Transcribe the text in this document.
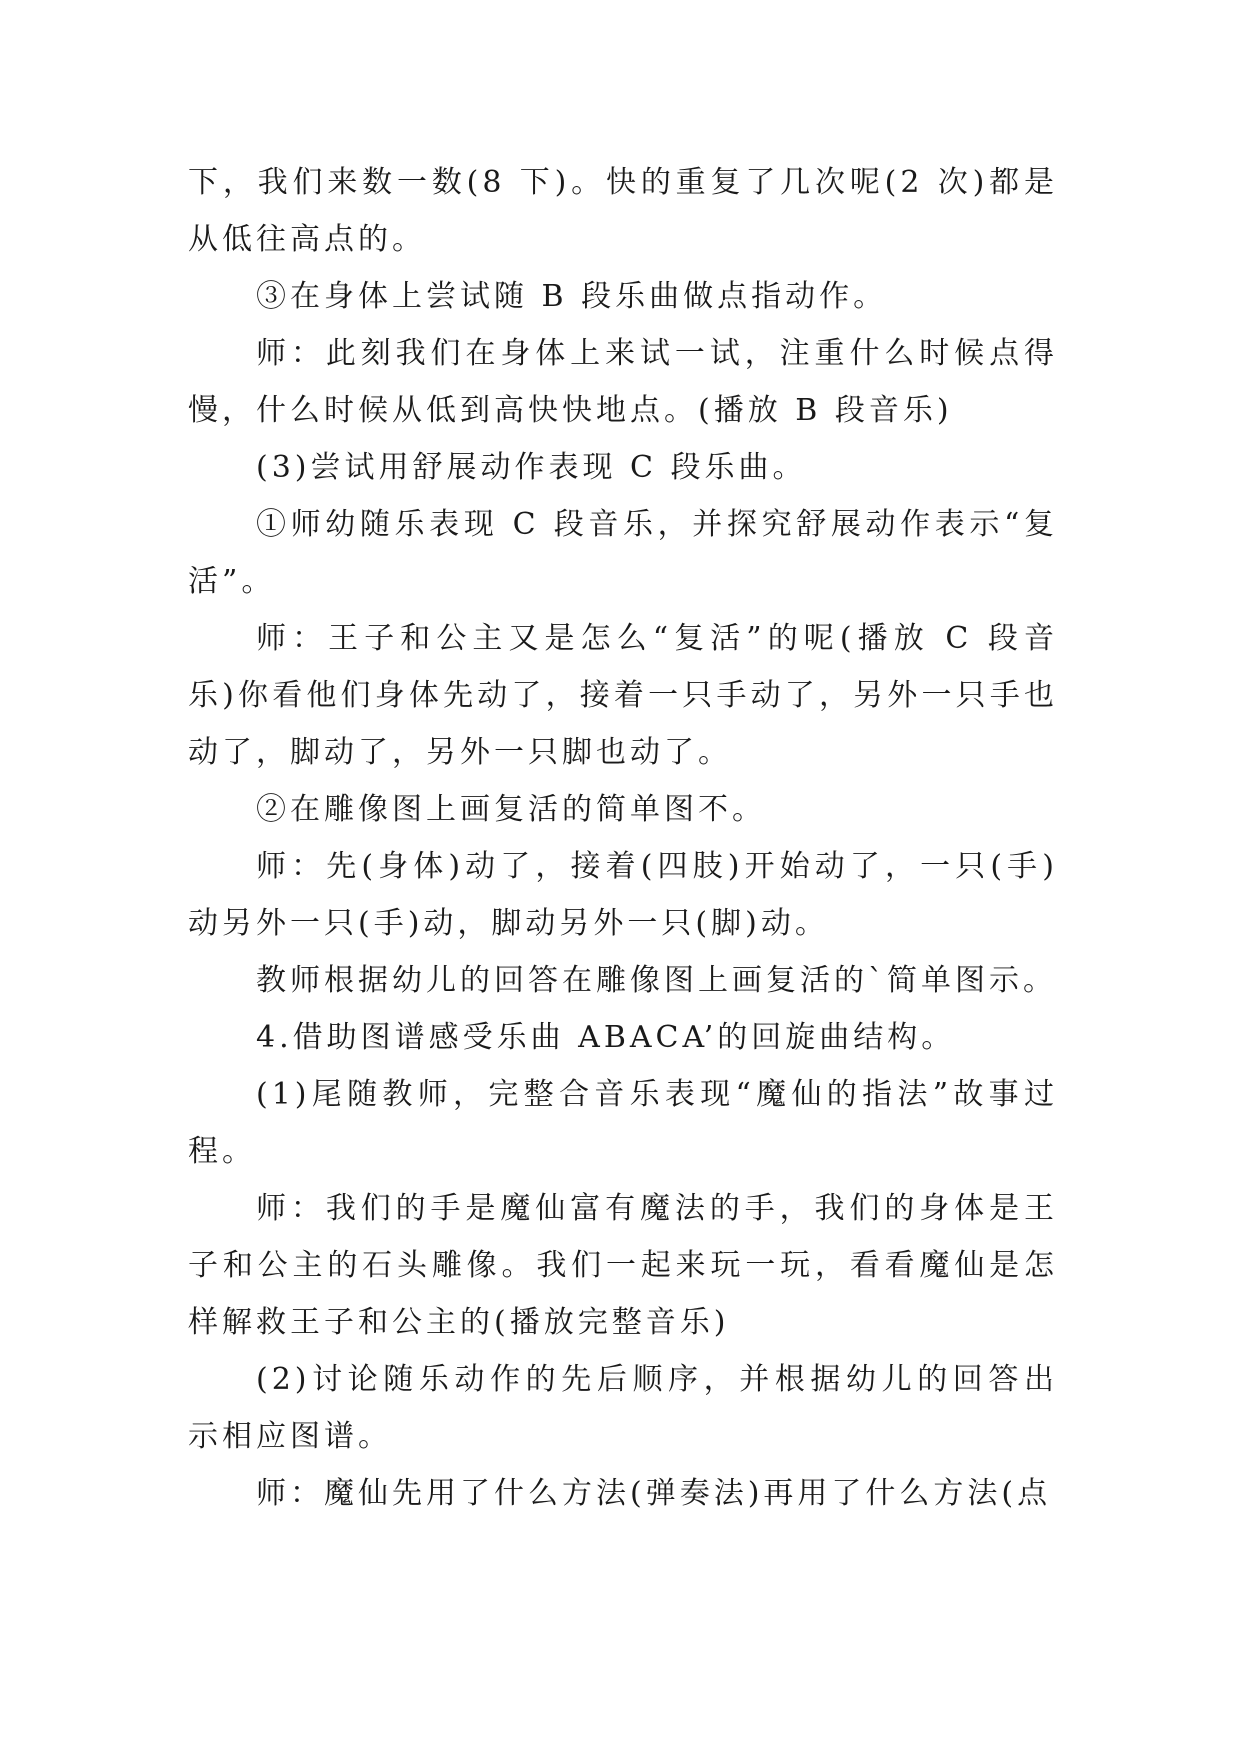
下，我们来数一数(8 下)。快的重复了几次呢(2 次)都是从低往高点的。

③在身体上尝试随 B 段乐曲做点指动作。

师：此刻我们在身体上来试一试，注重什么时候点得慢，什么时候从低到高快快地点。(播放 B 段音乐)

(3)尝试用舒展动作表现 C 段乐曲。

①师幼随乐表现 C 段音乐，并探究舒展动作表示“复活”。

师：王子和公主又是怎么“复活”的呢(播放 C 段音乐)你看他们身体先动了，接着一只手动了，另外一只手也动了，脚动了，另外一只脚也动了。

②在雕像图上画复活的简单图不。

师：先(身体)动了，接着(四肢)开始动了，一只(手)动另外一只(手)动，脚动另外一只(脚)动。

教师根据幼儿的回答在雕像图上画复活的`简单图示。

4.借助图谱感受乐曲 ABACA’的回旋曲结构。

(1)尾随教师，完整合音乐表现“魔仙的指法”故事过程。

师：我们的手是魔仙富有魔法的手，我们的身体是王子和公主的石头雕像。我们一起来玩一玩，看看魔仙是怎样解救王子和公主的(播放完整音乐)

(2)讨论随乐动作的先后顺序，并根据幼儿的回答出示相应图谱。

师：魔仙先用了什么方法(弹奏法)再用了什么方法(点
